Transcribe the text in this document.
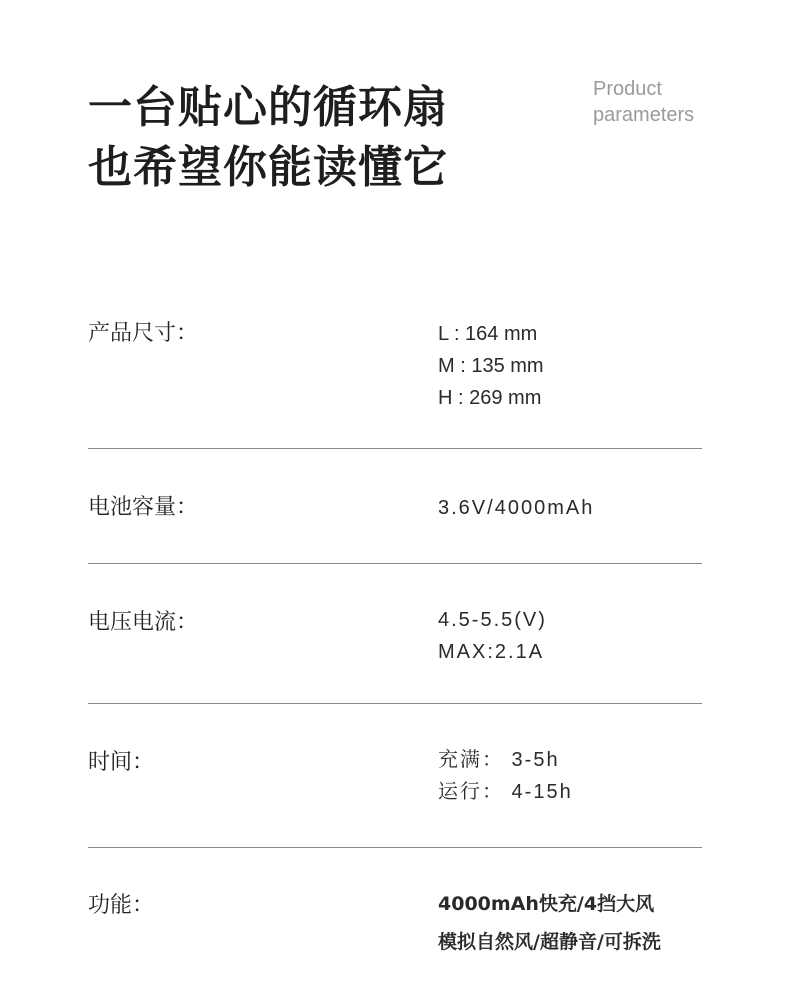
一台贴心的循环扇
也希望你能读懂它
Product
parameters
产品尺寸：	L : 164 mm
M : 135 mm
H : 269 mm
电池容量：	3.6V/4000mAh
电压电流：	4.5-5.5(V)
MAX:2.1A
时间：	充满： 3-5h
运行： 4-15h
功能：	4000mAh快充/4挡大风
模拟自然风/超静音/可拆洗
